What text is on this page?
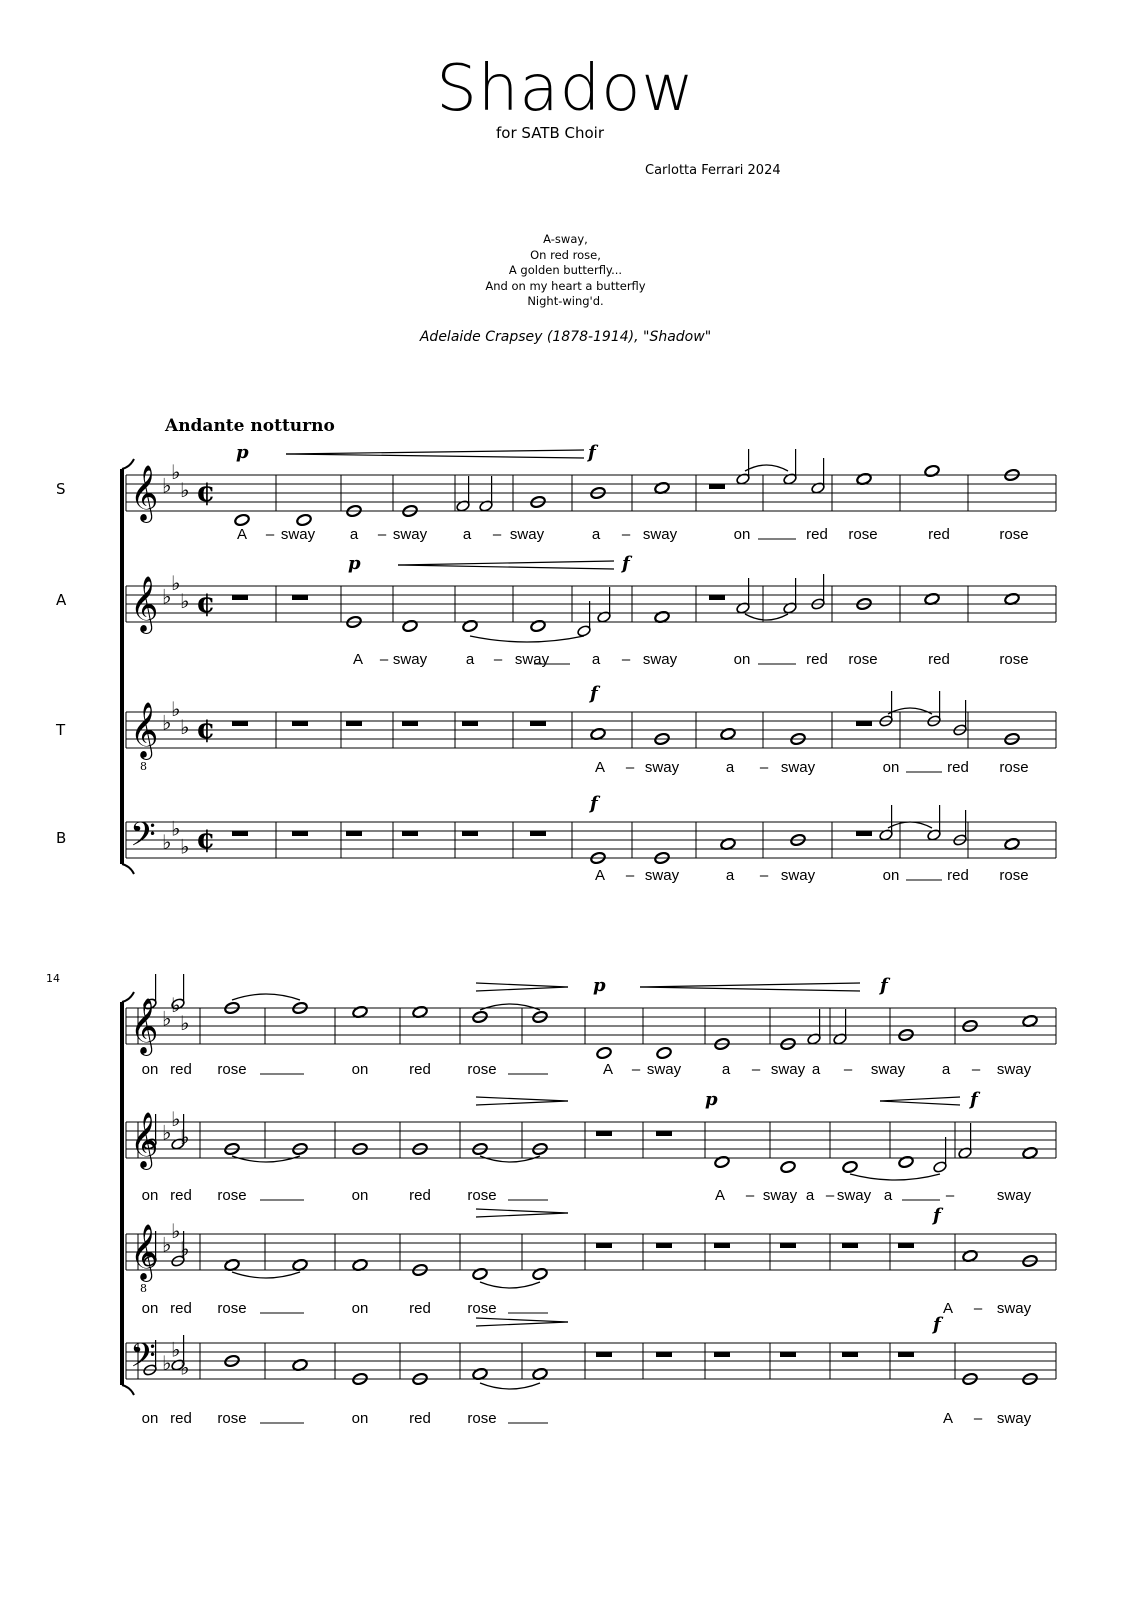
Shadow
for SATB Choir
Carlotta Ferrari 2024
A-sway,
On red rose,
A golden butterfly...
And on my heart a butterfly
Night-wing'd.
Adelaide Crapsey (1878-1914), "Shadow"
Andante notturno
S
A
T
B
𝄞 ♭
♭
♭
𝄞 ♭
♭
♭
𝄞
8
♭
♭
♭
𝄢 ♭
♭
♭
𝄞 ♭
♭
♭
𝄞 ♭
♭
♭
𝄞
8
♭
♭
♭
𝄢 ♭
♭
♭
¢
¢
¢
¢
14
p	f
p	f
f
f
p	f
p	f
f
f
A – sway a – sway a – sway	a – sway	on	red rose	red	rose
A – sway	a – sway	a – sway	on	red rose	red	rose
A – sway	a – sway	on	red rose
A – sway	a – sway	on	red rose
on red rose	on	red rose	A – sway	a – sway a – sway a – sway
on red rose	on	red rose	A – sway a – sway a	–	sway
on red rose	on	red rose	A – sway
on red rose	on	red rose	A – sway
